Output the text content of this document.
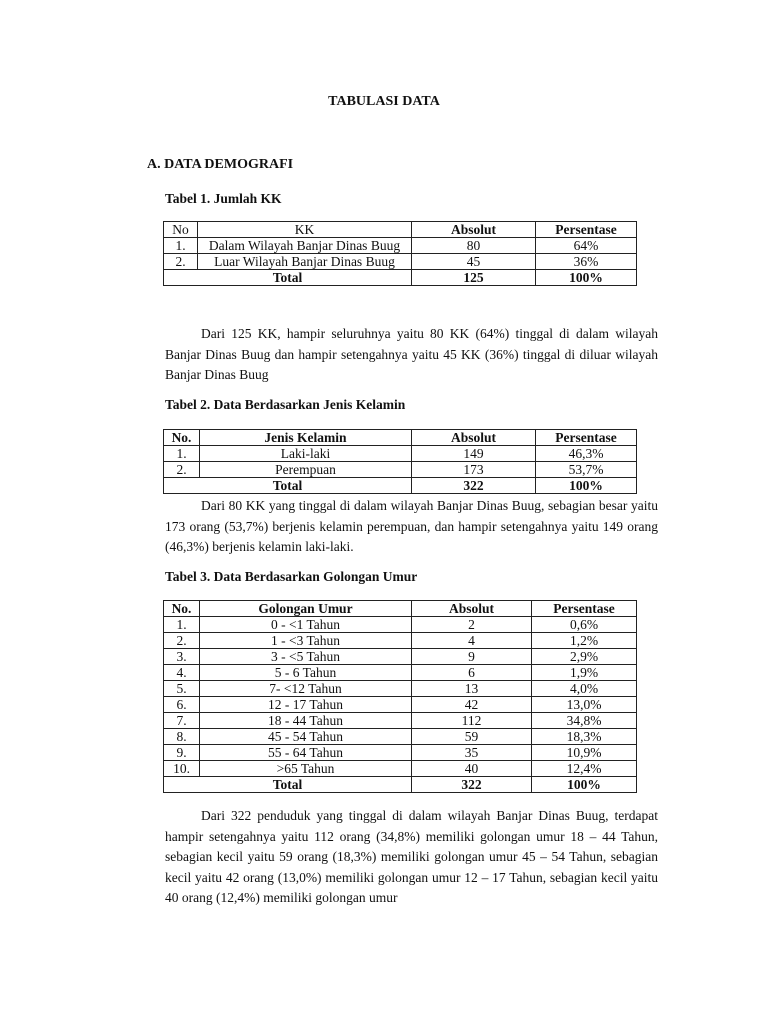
TABULASI DATA
A. DATA DEMOGRAFI
Tabel 1. Jumlah KK
No	KK	Absolut	Persentase
1.	Dalam Wilayah Banjar Dinas Buug	80	64%
2.	Luar Wilayah Banjar Dinas Buug	45	36%
Total		125	100%
Dari 125 KK, hampir seluruhnya yaitu 80 KK (64%) tinggal di dalam wilayah Banjar Dinas Buug dan hampir setengahnya yaitu 45 KK (36%) tinggal di diluar wilayah Banjar Dinas Buug
Tabel 2. Data Berdasarkan Jenis Kelamin
No.	Jenis Kelamin	Absolut	Persentase
1.	Laki-laki	149	46,3%
2.	Perempuan	173	53,7%
Total		322	100%
Dari 80 KK yang tinggal di dalam wilayah Banjar Dinas Buug, sebagian besar yaitu 173 orang (53,7%) berjenis kelamin perempuan, dan hampir setengahnya yaitu 149 orang (46,3%) berjenis kelamin laki-laki.
Tabel 3. Data Berdasarkan Golongan Umur
No.	Golongan Umur	Absolut	Persentase
1.	0 - <1 Tahun	2	0,6%
2.	1 - <3 Tahun	4	1,2%
3.	3 - <5 Tahun	9	2,9%
4.	5 - 6 Tahun	6	1,9%
5.	7- <12 Tahun	13	4,0%
6.	12 - 17 Tahun	42	13,0%
7.	18 - 44 Tahun	112	34,8%
8.	45 - 54 Tahun	59	18,3%
9.	55 - 64 Tahun	35	10,9%
10.	>65 Tahun	40	12,4%
Total		322	100%
Dari 322 penduduk yang tinggal di dalam wilayah Banjar Dinas Buug, terdapat hampir setengahnya yaitu 112 orang (34,8%) memiliki golongan umur 18 – 44 Tahun, sebagian kecil yaitu 59 orang (18,3%) memiliki golongan umur 45 – 54 Tahun, sebagian kecil yaitu 42 orang (13,0%) memiliki golongan umur 12 – 17 Tahun, sebagian kecil yaitu 40 orang (12,4%) memiliki golongan umur
